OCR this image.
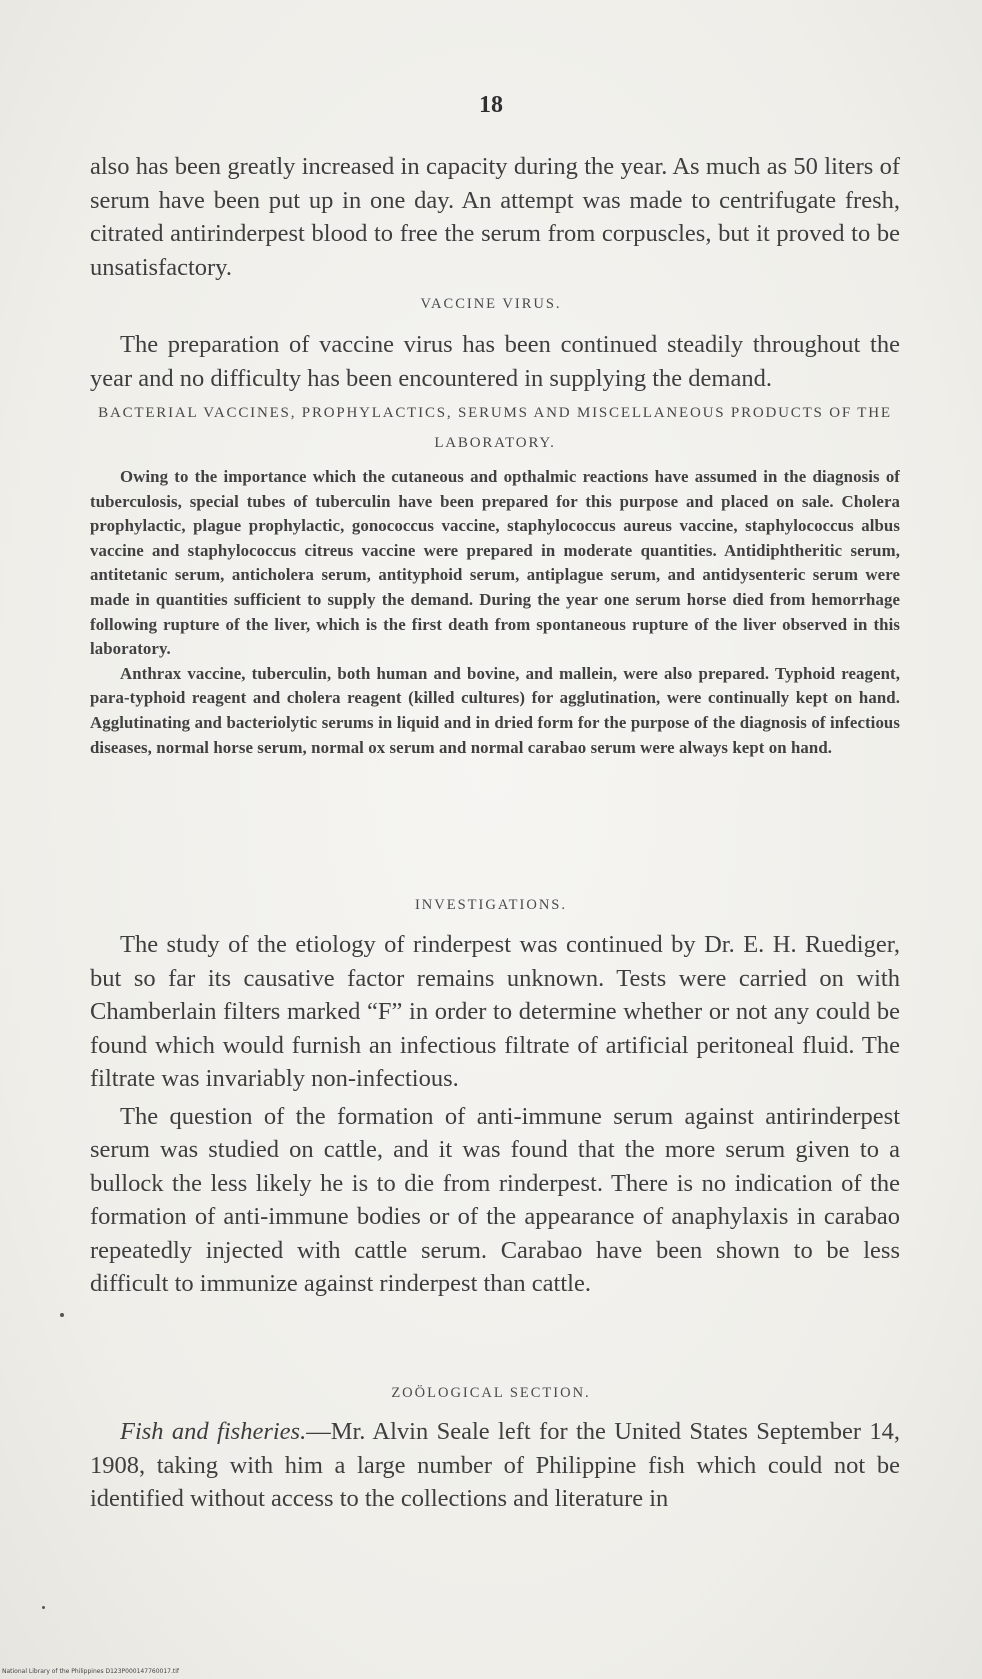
18

also has been greatly increased in capacity during the year. As much as 50 liters of serum have been put up in one day. An attempt was made to centrifugate fresh, citrated antirinderpest blood to free the serum from corpuscles, but it proved to be unsatisfactory.

VACCINE VIRUS.

The preparation of vaccine virus has been continued steadily throughout the year and no difficulty has been encountered in supplying the demand.

BACTERIAL VACCINES, PROPHYLACTICS, SERUMS AND MISCELLANEOUS PRODUCTS OF THE LABORATORY.

Owing to the importance which the cutaneous and opthalmic reactions have assumed in the diagnosis of tuberculosis, special tubes of tuberculin have been prepared for this purpose and placed on sale. Cholera prophylactic, plague prophylactic, gonococcus vaccine, staphylococcus aureus vaccine, staphylococcus albus vaccine and staphylococcus citreus vaccine were prepared in moderate quantities. Antidiphtheritic serum, antitetanic serum, anticholera serum, antityphoid serum, antiplague serum, and antidysenteric serum were made in quantities sufficient to supply the demand. During the year one serum horse died from hemorrhage following rupture of the liver, which is the first death from spontaneous rupture of the liver observed in this laboratory.

Anthrax vaccine, tuberculin, both human and bovine, and mallein, were also prepared. Typhoid reagent, para-typhoid reagent and cholera reagent (killed cultures) for agglutination, were continually kept on hand. Agglutinating and bacteriolytic serums in liquid and in dried form for the purpose of the diagnosis of infectious diseases, normal horse serum, normal ox serum and normal carabao serum were always kept on hand.

INVESTIGATIONS.

The study of the etiology of rinderpest was continued by Dr. E. H. Ruediger, but so far its causative factor remains unknown. Tests were carried on with Chamberlain filters marked “F” in order to determine whether or not any could be found which would furnish an infectious filtrate of artificial peritoneal fluid. The filtrate was invariably non-infectious.

The question of the formation of anti-immune serum against antirinderpest serum was studied on cattle, and it was found that the more serum given to a bullock the less likely he is to die from rinderpest. There is no indication of the formation of anti-immune bodies or of the appearance of anaphylaxis in carabao repeatedly injected with cattle serum. Carabao have been shown to be less difficult to immunize against rinderpest than cattle.

ZOÖLOGICAL SECTION.

Fish and fisheries.—Mr. Alvin Seale left for the United States September 14, 1908, taking with him a large number of Philippine fish which could not be identified without access to the collections and literature in

National Library of the Philippines D123P000147760017.tif
